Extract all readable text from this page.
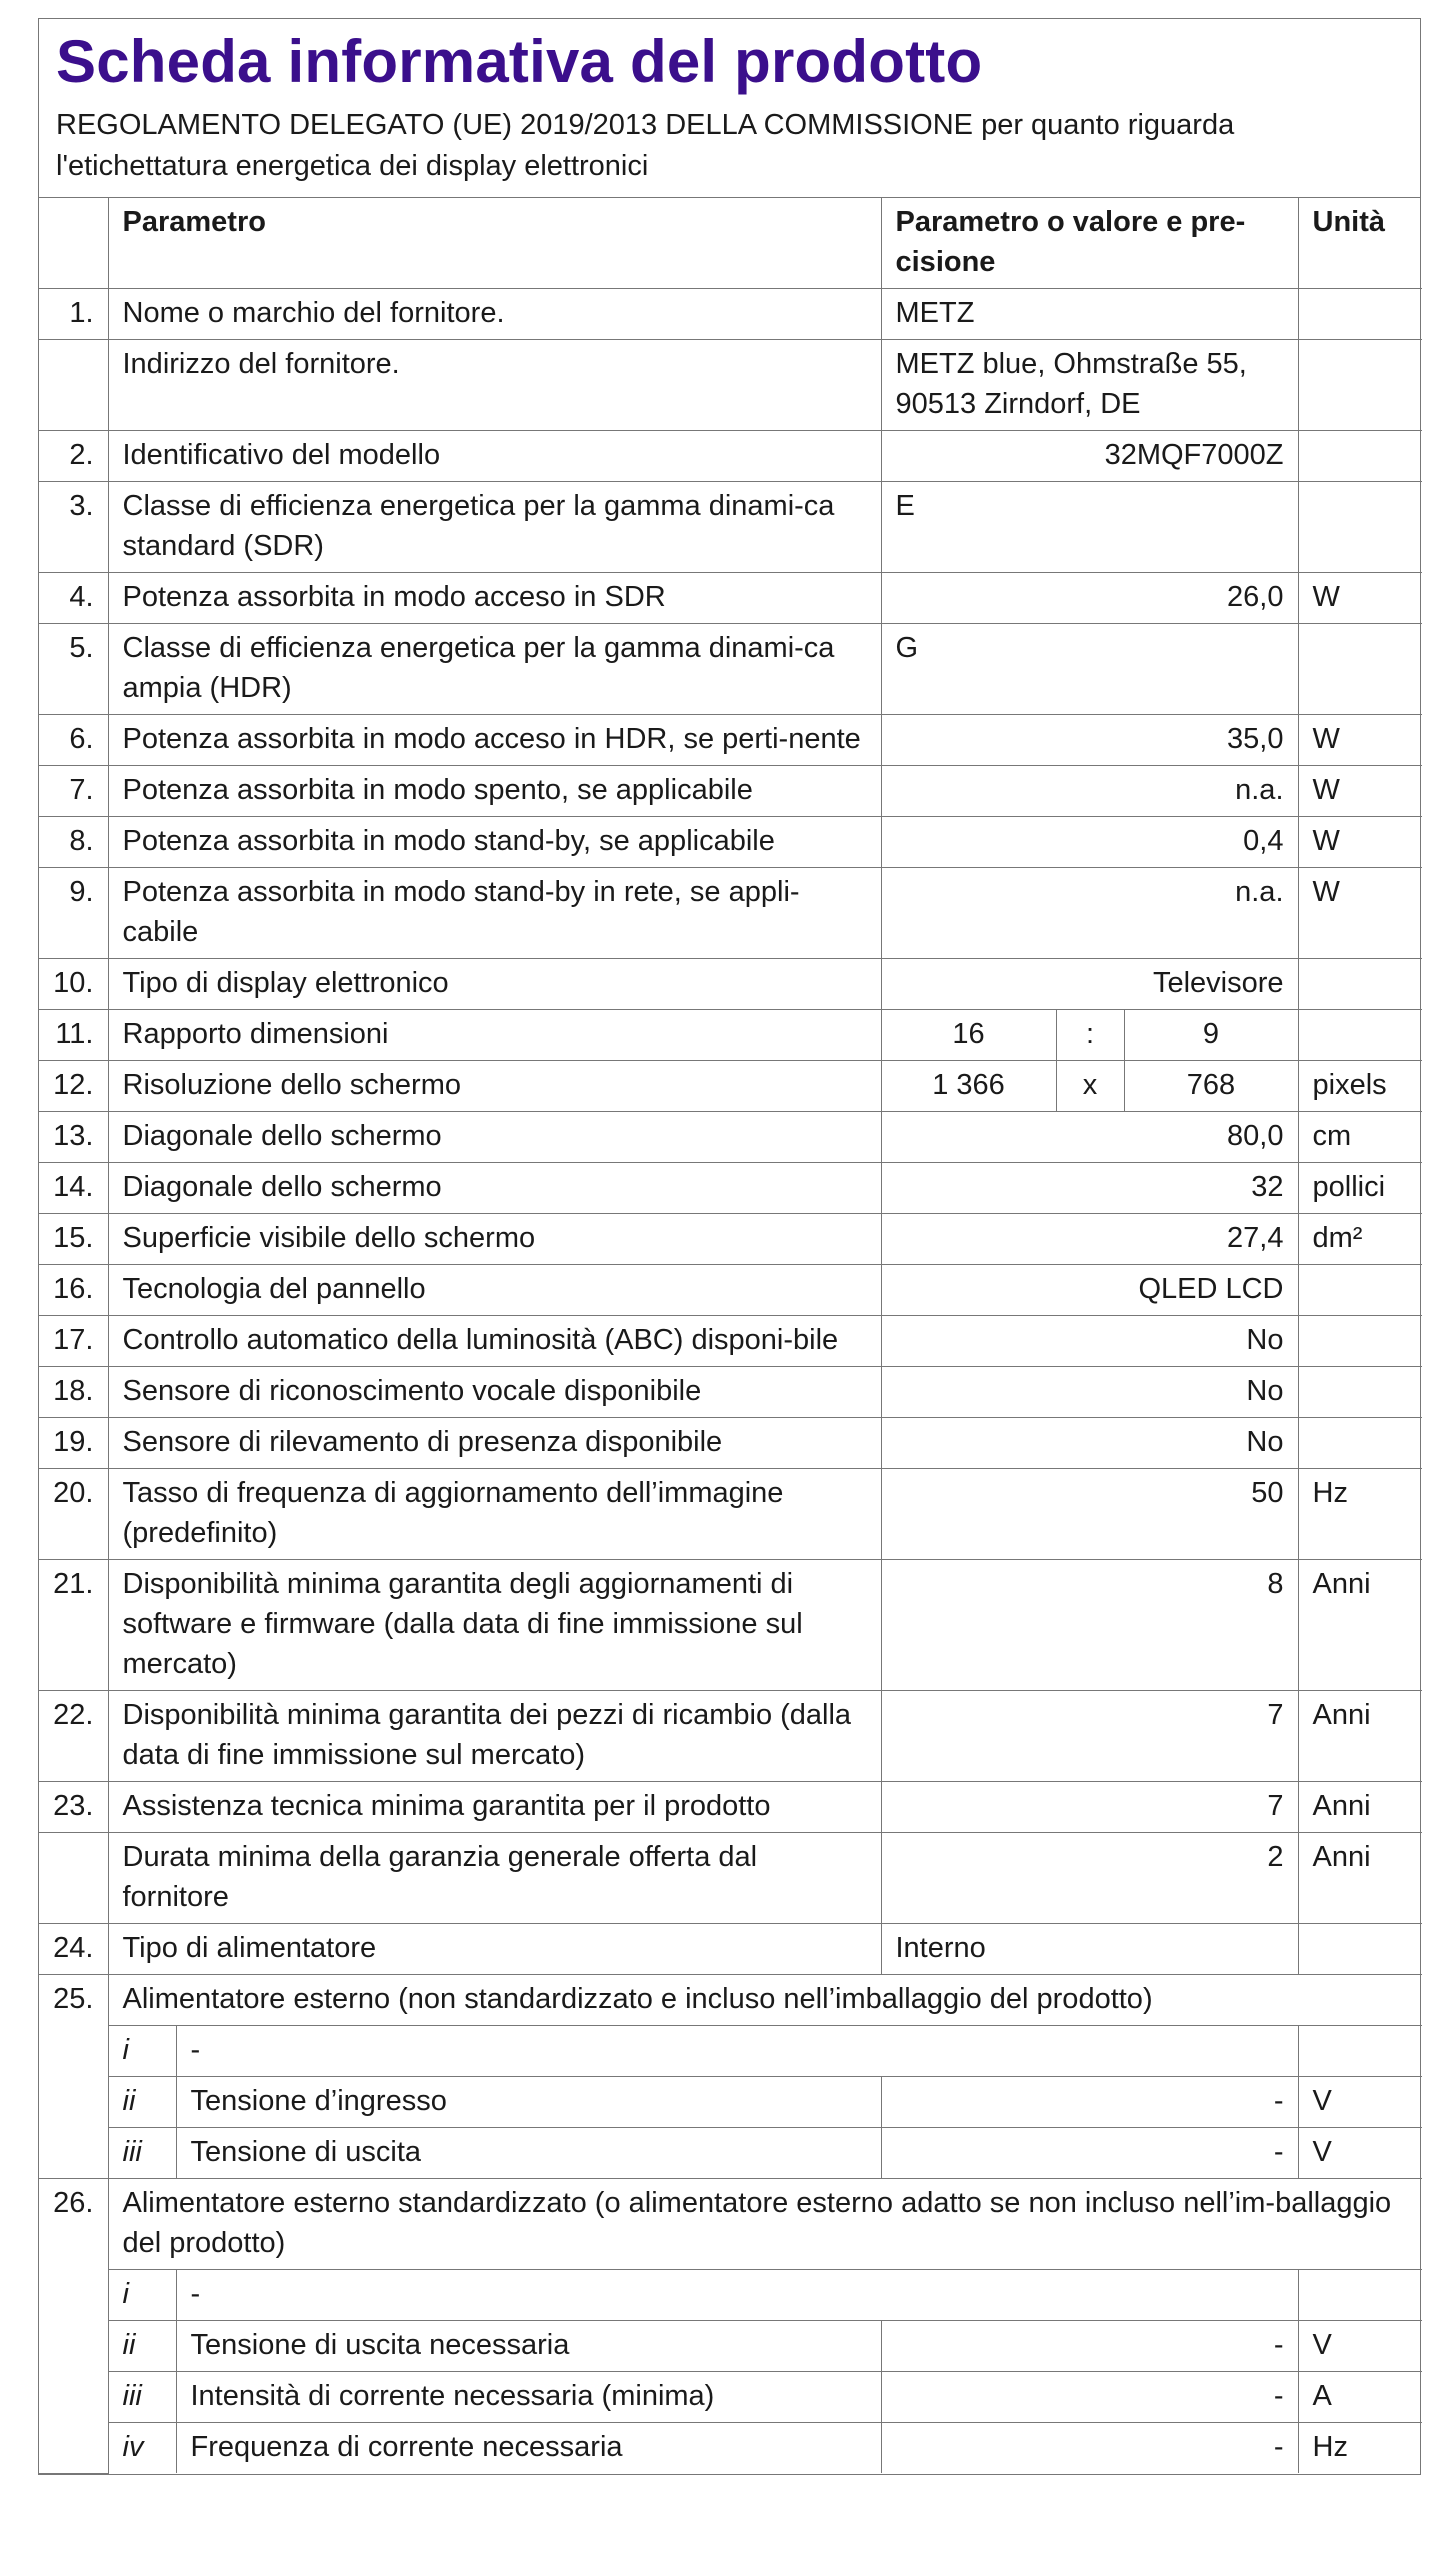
Scheda informativa del prodotto
REGOLAMENTO DELEGATO (UE) 2019/2013 DELLA COMMISSIONE per quanto riguarda l'etichettatura energetica dei display elettronici
	Parametro		Parametro o valore e pre-cisione			Unità
1.	Nome o marchio del fornitore.		METZ			
	Indirizzo del fornitore.		METZ blue, Ohmstraße 55, 90513 Zirndorf, DE			
2.	Identificativo del modello		32MQF7000Z			
3.	Classe di efficienza energetica per la gamma dinami-ca standard (SDR)		E			
4.	Potenza assorbita in modo acceso in SDR		26,0			W
5.	Classe di efficienza energetica per la gamma dinami-ca ampia (HDR)		G			
6.	Potenza assorbita in modo acceso in HDR, se perti-nente		35,0			W
7.	Potenza assorbita in modo spento, se applicabile		n.a.			W
8.	Potenza assorbita in modo stand-by, se applicabile		0,4			W
9.	Potenza assorbita in modo stand-by in rete, se appli-cabile		n.a.			W
10.	Tipo di display elettronico		Televisore			
11.	Rapporto dimensioni		16	:	9	
12.	Risoluzione dello schermo		1 366	x	768	pixels
13.	Diagonale dello schermo		80,0			cm
14.	Diagonale dello schermo		32			pollici
15.	Superficie visibile dello schermo		27,4			dm²
16.	Tecnologia del pannello		QLED LCD			
17.	Controllo automatico della luminosità (ABC) disponi-bile		No			
18.	Sensore di riconoscimento vocale disponibile		No			
19.	Sensore di rilevamento di presenza disponibile		No			
20.	Tasso di frequenza di aggiornamento dell’immagine (predefinito)		50			Hz
21.	Disponibilità minima garantita degli aggiornamenti di software e firmware (dalla data di fine immissione sul mercato)		8			Anni
22.	Disponibilità minima garantita dei pezzi di ricambio (dalla data di fine immissione sul mercato)		7			Anni
23.	Assistenza tecnica minima garantita per il prodotto		7			Anni
	Durata minima della garanzia generale offerta dal fornitore		2			Anni
24.	Tipo di alimentatore		Interno			
25.	Alimentatore esterno (non standardizzato e incluso nell’imballaggio del prodotto)					
	i	-				
	ii	Tensione d’ingresso	-			V
	iii	Tensione di uscita	-			V
26.	Alimentatore esterno standardizzato (o alimentatore esterno adatto se non incluso nell’im-ballaggio del prodotto)					
	i	-				
	ii	Tensione di uscita necessaria	-			V
	iii	Intensità di corrente necessaria (minima)	-			A
	iv	Frequenza di corrente necessaria	-			Hz
